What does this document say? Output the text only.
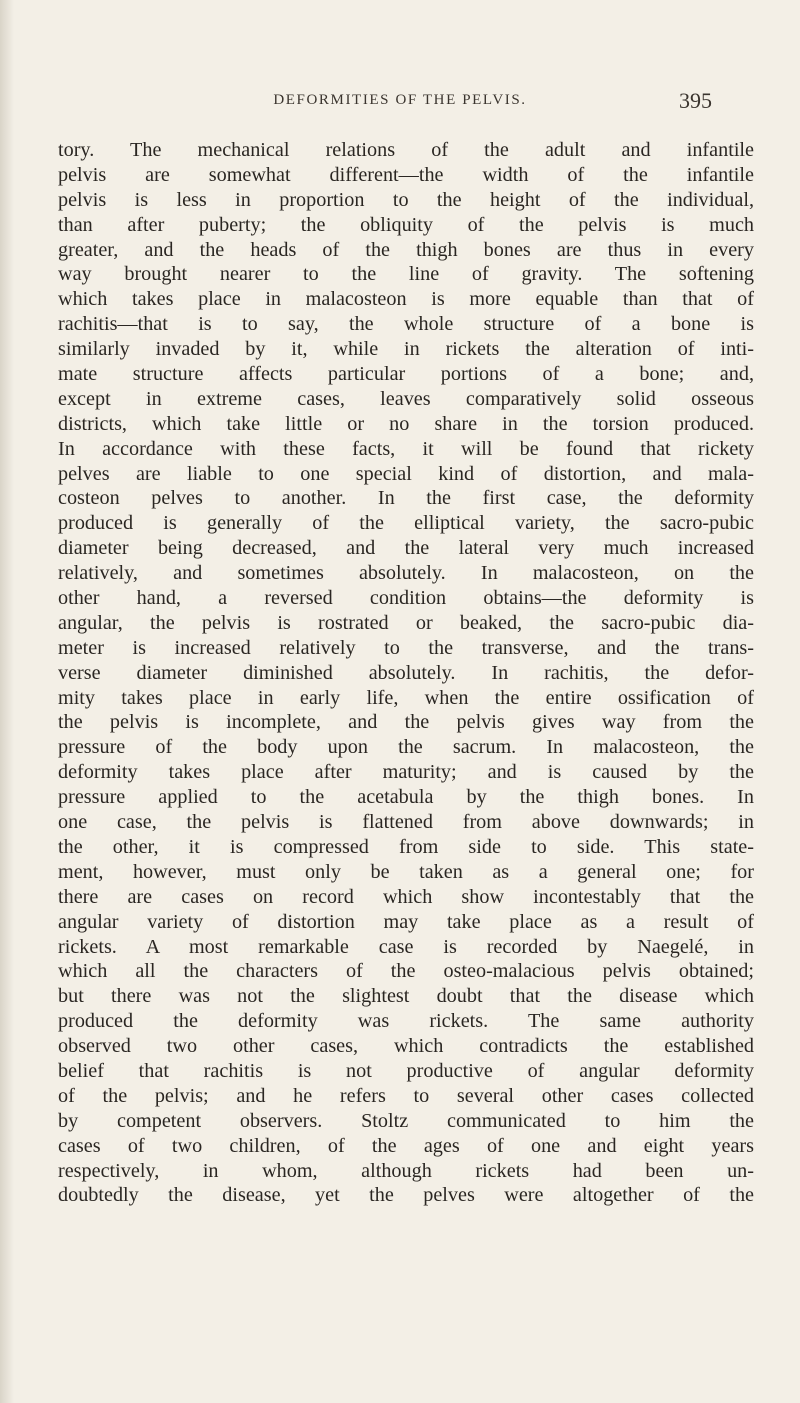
DEFORMITIES OF THE PELVIS.	395
tory. The mechanical relations of the adult and infantile
pelvis are somewhat different—the width of the infantile
pelvis is less in proportion to the height of the individual,
than after puberty; the obliquity of the pelvis is much
greater, and the heads of the thigh bones are thus in every
way brought nearer to the line of gravity. The softening
which takes place in malacosteon is more equable than that of
rachitis—that is to say, the whole structure of a bone is
similarly invaded by it, while in rickets the alteration of inti-
mate structure affects particular portions of a bone; and,
except in extreme cases, leaves comparatively solid osseous
districts, which take little or no share in the torsion produced.
In accordance with these facts, it will be found that rickety
pelves are liable to one special kind of distortion, and mala-
costeon pelves to another. In the first case, the deformity
produced is generally of the elliptical variety, the sacro-pubic
diameter being decreased, and the lateral very much increased
relatively, and sometimes absolutely. In malacosteon, on the
other hand, a reversed condition obtains—the deformity is
angular, the pelvis is rostrated or beaked, the sacro-pubic dia-
meter is increased relatively to the transverse, and the trans-
verse diameter diminished absolutely. In rachitis, the defor-
mity takes place in early life, when the entire ossification of
the pelvis is incomplete, and the pelvis gives way from the
pressure of the body upon the sacrum. In malacosteon, the
deformity takes place after maturity; and is caused by the
pressure applied to the acetabula by the thigh bones. In
one case, the pelvis is flattened from above downwards; in
the other, it is compressed from side to side. This state-
ment, however, must only be taken as a general one; for
there are cases on record which show incontestably that the
angular variety of distortion may take place as a result of
rickets. A most remarkable case is recorded by Naegelé, in
which all the characters of the osteo-malacious pelvis obtained;
but there was not the slightest doubt that the disease which
produced the deformity was rickets. The same authority
observed two other cases, which contradicts the established
belief that rachitis is not productive of angular deformity
of the pelvis; and he refers to several other cases collected
by competent observers. Stoltz communicated to him the
cases of two children, of the ages of one and eight years
respectively, in whom, although rickets had been un-
doubtedly the disease, yet the pelves were altogether of the
